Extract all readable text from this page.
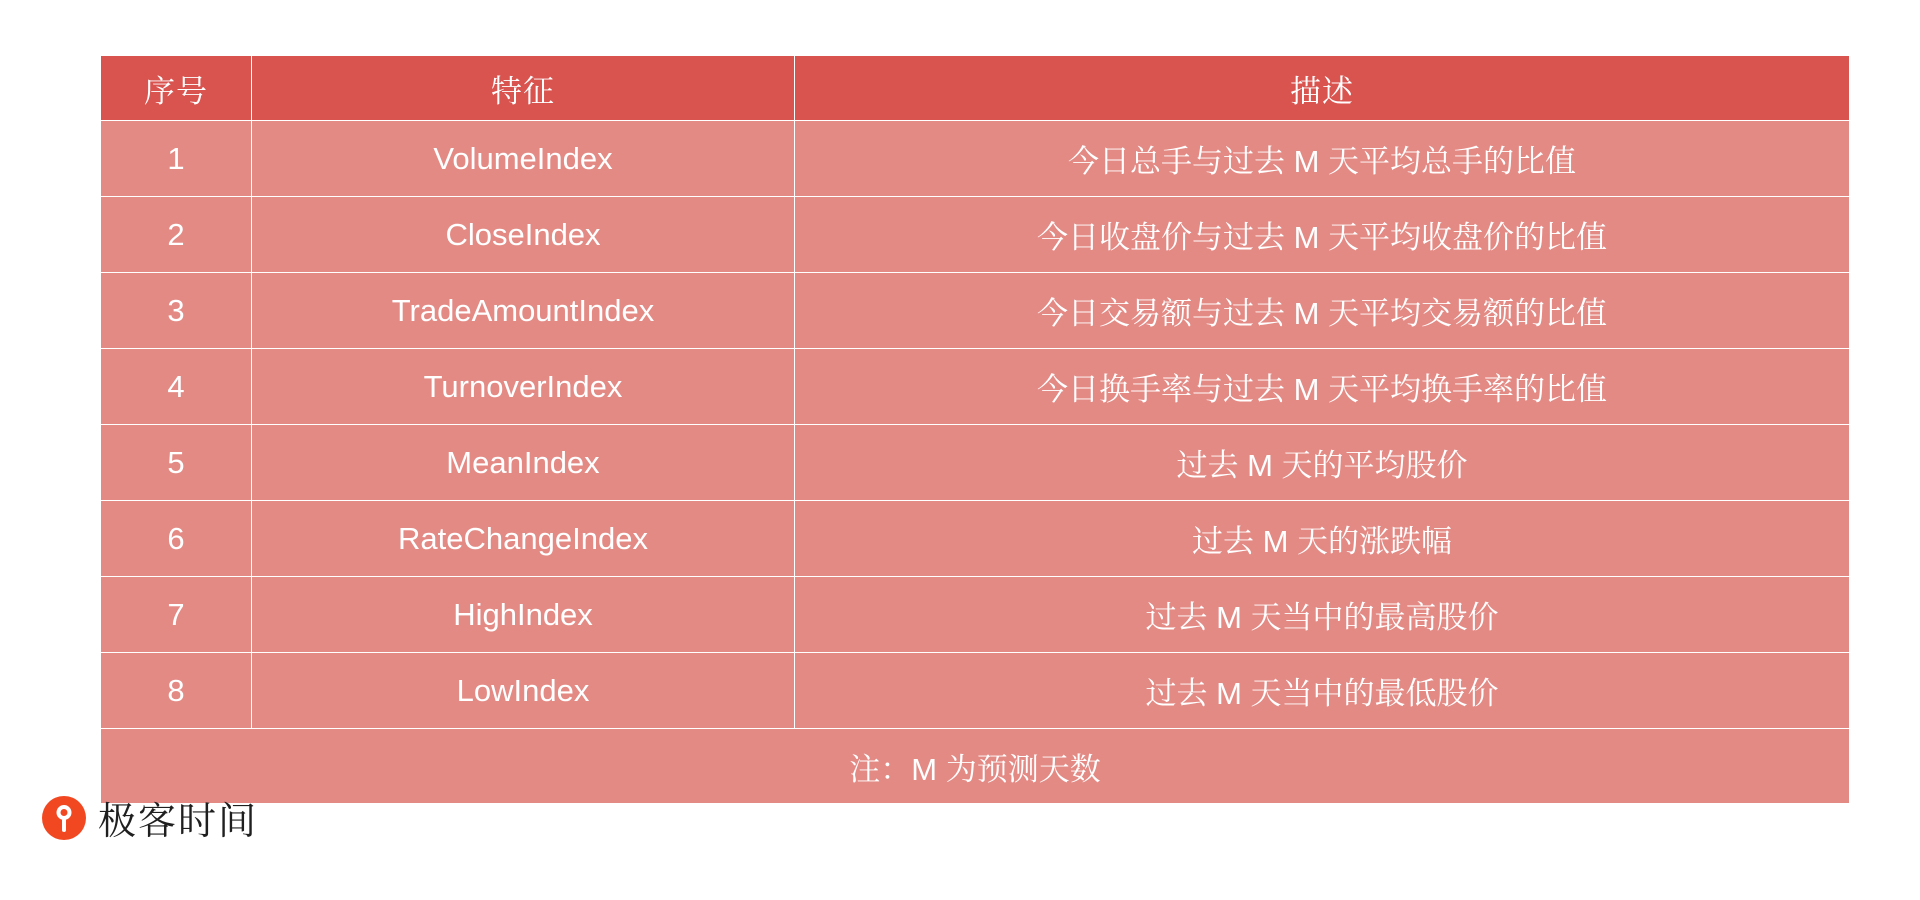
序号	特征	描述
1	VolumeIndex	今日总手与过去 M 天平均总手的比值
2	CloseIndex	今日收盘价与过去 M 天平均收盘价的比值
3	TradeAmountIndex	今日交易额与过去 M 天平均交易额的比值
4	TurnoverIndex	今日换手率与过去 M 天平均换手率的比值
5	MeanIndex	过去 M 天的平均股价
6	RateChangeIndex	过去 M 天的涨跌幅
7	HighIndex	过去 M 天当中的最高股价
8	LowIndex	过去 M 天当中的最低股价
注：M 为预测天数		
极客时间
